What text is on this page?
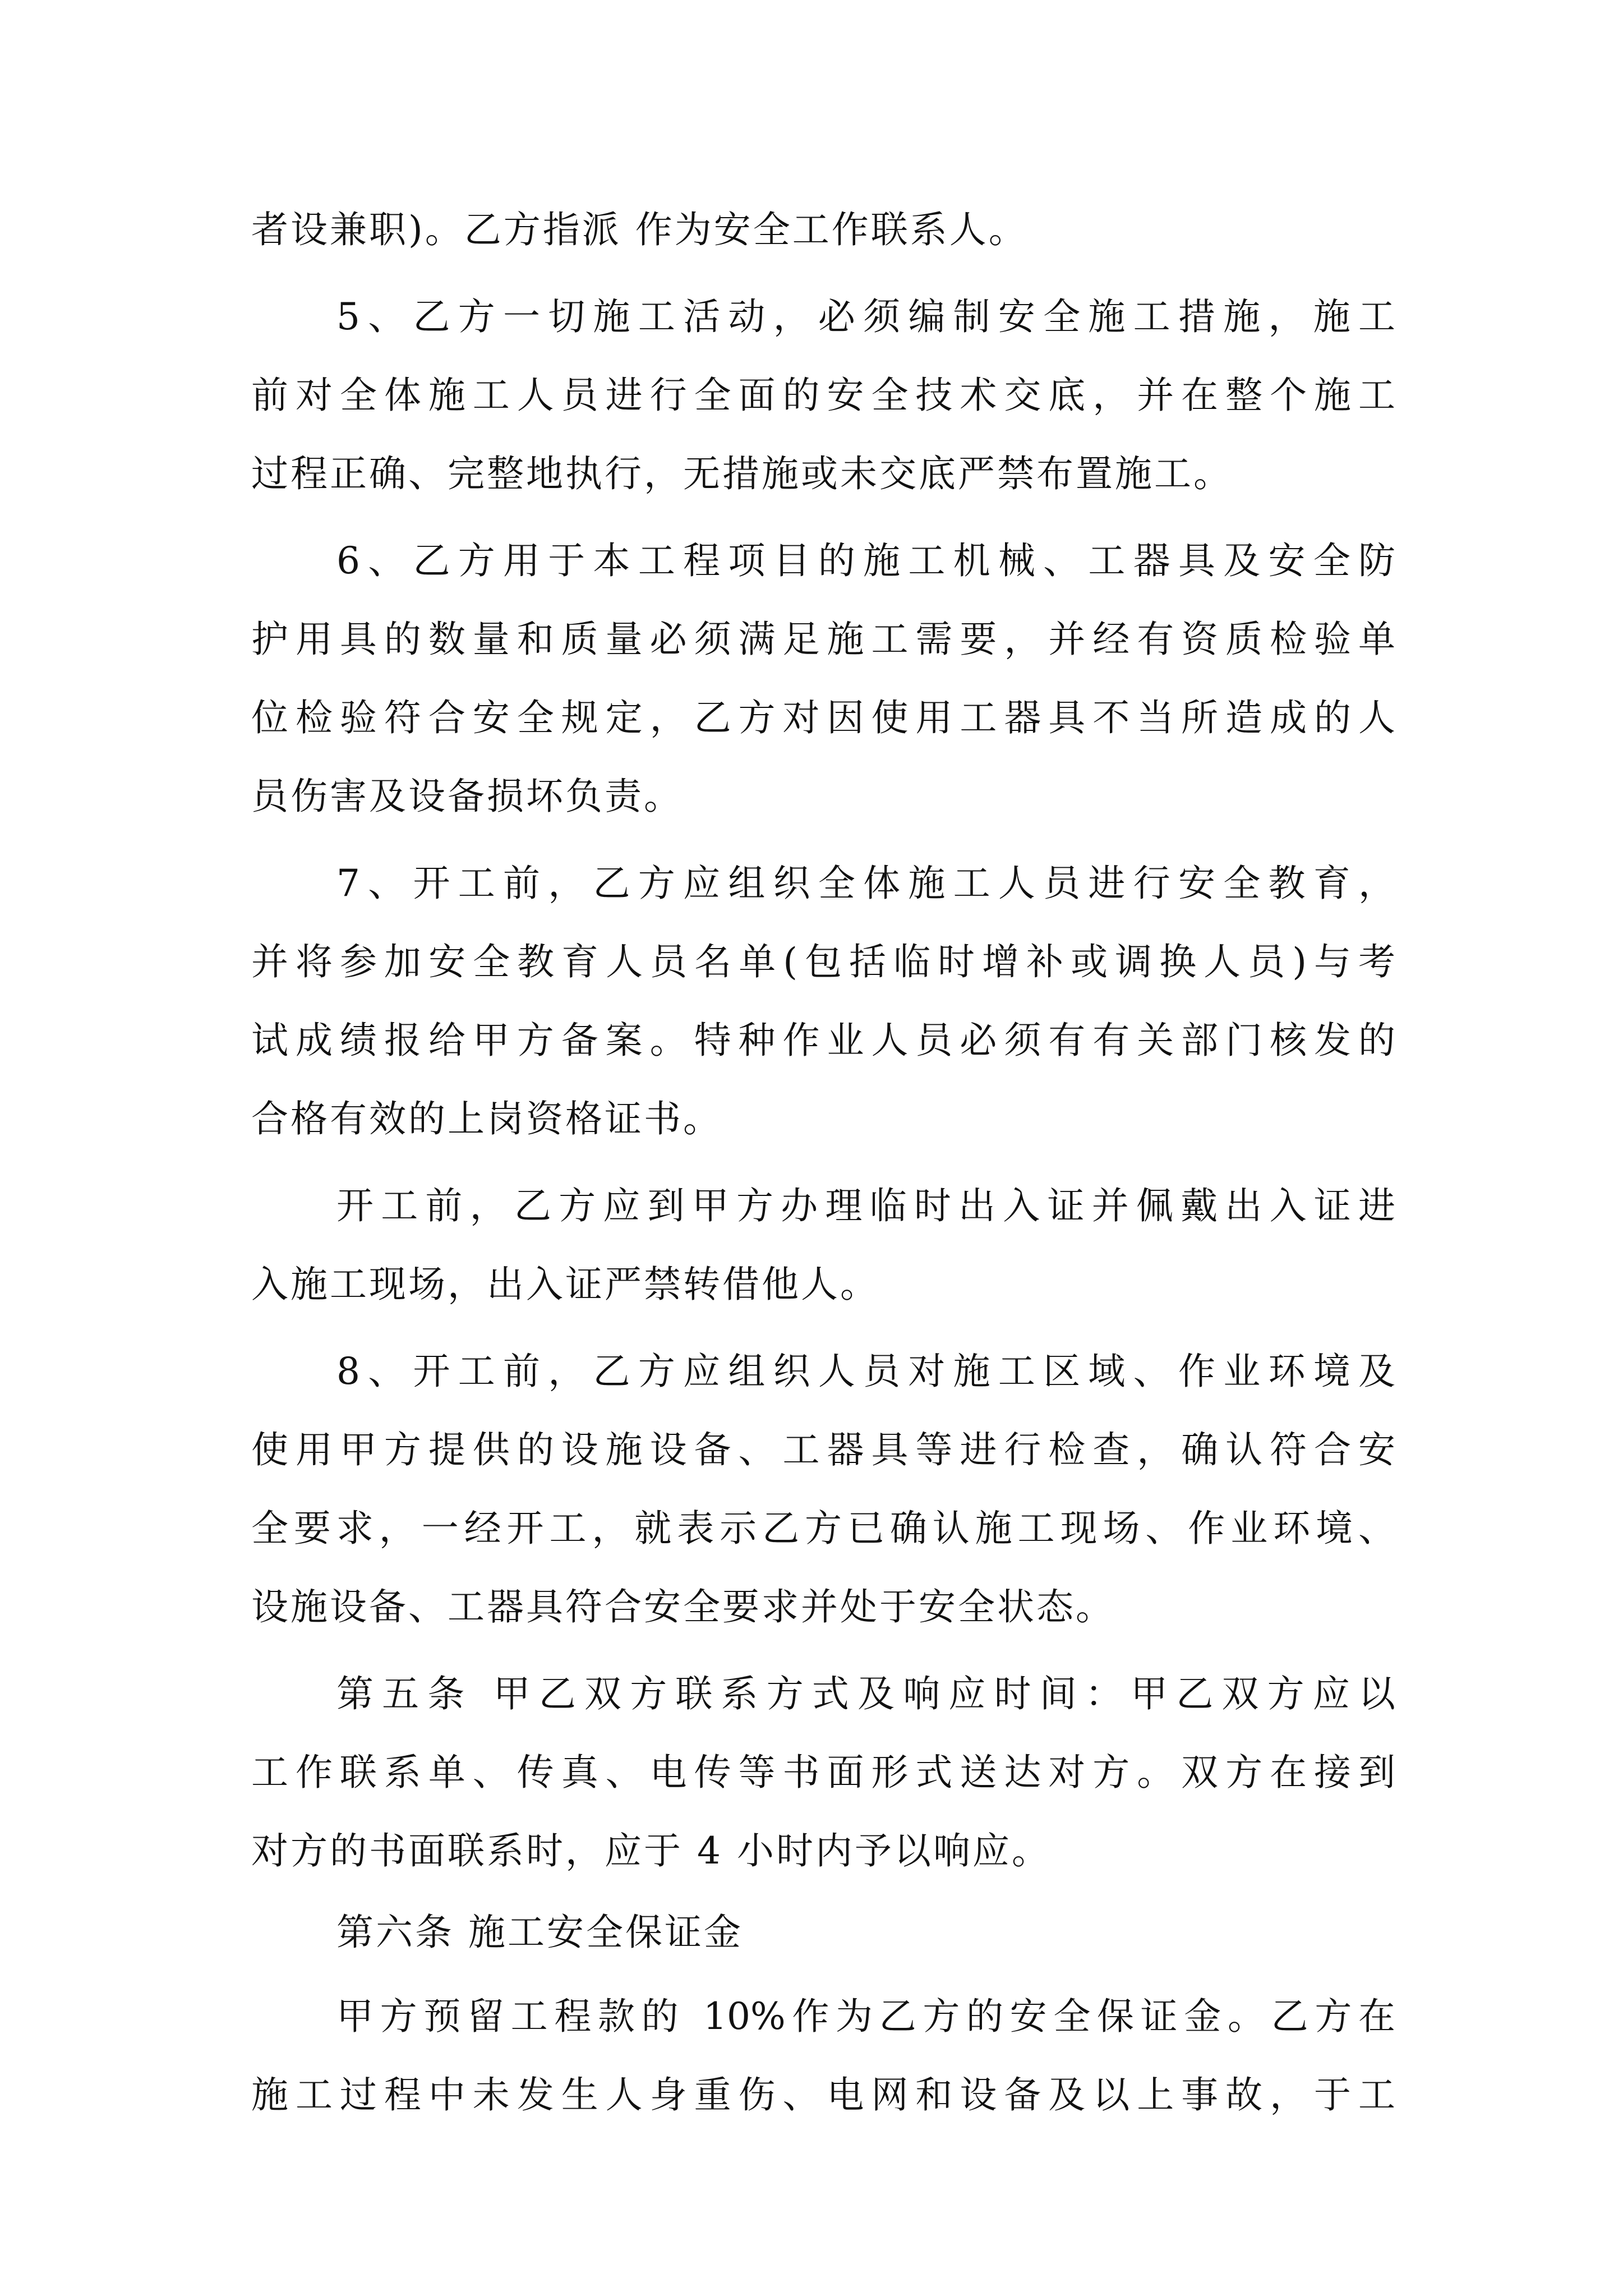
者设兼职)。乙方指派 作为安全工作联系人。
5、乙方一切施工活动，必须编制安全施工措施，施工
前对全体施工人员进行全面的安全技术交底，并在整个施工
过程正确、完整地执行，无措施或未交底严禁布置施工。
6、乙方用于本工程项目的施工机械、工器具及安全防
护用具的数量和质量必须满足施工需要，并经有资质检验单
位检验符合安全规定，乙方对因使用工器具不当所造成的人
员伤害及设备损坏负责。
7、开工前，乙方应组织全体施工人员进行安全教育，
并将参加安全教育人员名单(包括临时增补或调换人员)与考
试成绩报给甲方备案。特种作业人员必须有有关部门核发的
合格有效的上岗资格证书。
开工前，乙方应到甲方办理临时出入证并佩戴出入证进
入施工现场，出入证严禁转借他人。
8、开工前，乙方应组织人员对施工区域、作业环境及
使用甲方提供的设施设备、工器具等进行检查，确认符合安
全要求，一经开工，就表示乙方已确认施工现场、作业环境、
设施设备、工器具符合安全要求并处于安全状态。
第五条 甲乙双方联系方式及响应时间：甲乙双方应以
工作联系单、传真、电传等书面形式送达对方。双方在接到
对方的书面联系时，应于 4 小时内予以响应。
第六条 施工安全保证金
甲方预留工程款的 10%作为乙方的安全保证金。乙方在
施工过程中未发生人身重伤、电网和设备及以上事故，于工
